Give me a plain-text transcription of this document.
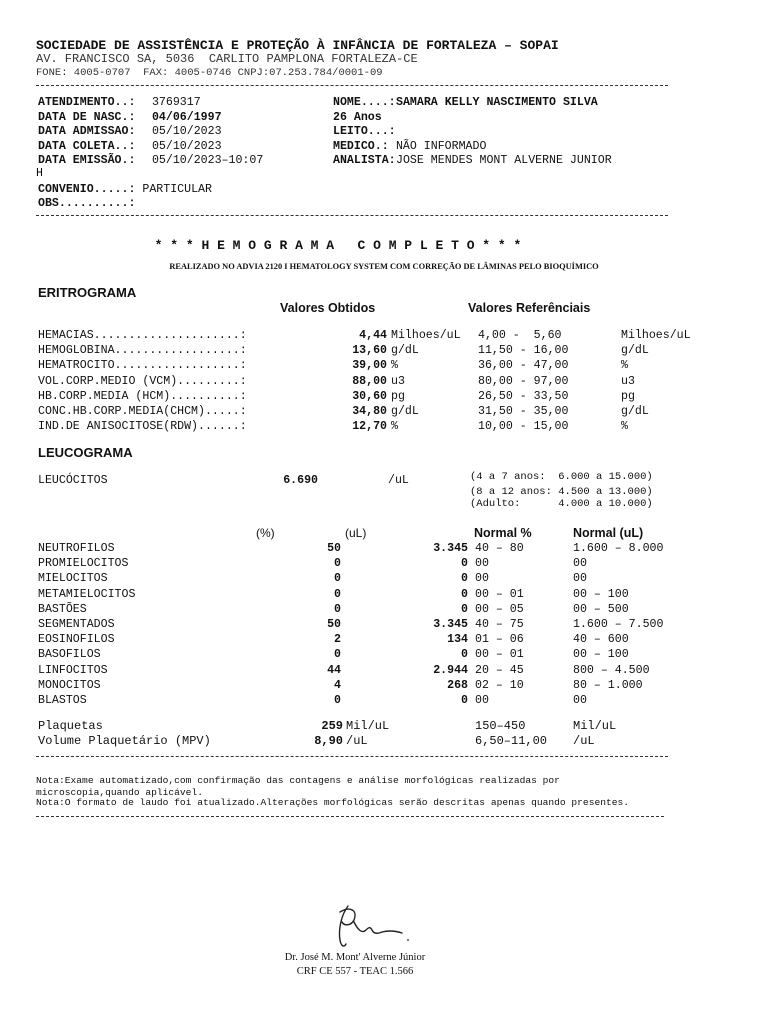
SOCIEDADE DE ASSISTÊNCIA E PROTEÇÃO À INFÂNCIA DE FORTALEZA – SOPAI
AV. FRANCISCO SA, 5036  CARLITO PAMPLONA FORTALEZA-CE
FONE: 4005-0707  FAX: 4005-0746 CNPJ:07.253.784/0001-09
ATENDIMENTO..: 3769317
DATA DE NASC.: 04/06/1997
DATA ADMISSAO: 05/10/2023
DATA COLETA..: 05/10/2023
DATA EMISSÃO.: 05/10/2023–10:07
NOME....: SAMARA KELLY NASCIMENTO SILVA
26 Anos
LEITO...:
MEDICO.: NÃO INFORMADO
ANALISTA: JOSE MENDES MONT ALVERNE JUNIOR
H
CONVENIO.....: PARTICULAR
OBS..........:
* * * H E M O G R A M A   C O M P L E T O * * *
REALIZADO NO ADVIA 2120 I HEMATOLOGY SYSTEM COM CORREÇÃO DE LÂMINAS PELO BIOQUÍMICO
ERITROGRAMA
Valores Obtidos	Valores Referênciais
HEMACIAS.....................:	4,44 Milhoes/uL 4,00 -  5,60	Milhoes/uL
HEMOGLOBINA..................:	13,60 g/dL	11,50 - 16,00	g/dL
HEMATROCITO..................:	39,00 %	36,00 - 47,00	%
VOL.CORP.MEDIO (VCM).........:	88,00 u3	80,00 - 97,00	u3
HB.CORP.MEDIA (HCM)..........:	30,60 pg	26,50 - 33,50	pg
CONC.HB.CORP.MEDIA(CHCM).....:	34,80 g/dL	31,50 - 35,00	g/dL
IND.DE ANISOCITOSE(RDW)......:	12,70 %	10,00 - 15,00	%
LEUCOGRAMA
LEUCÓCITOS	6.690	/uL	(4 a 7 anos:  6.000 a 15.000)
(8 a 12 anos: 4.500 a 13.000)
(Adulto:      4.000 a 10.000)
(%)	(uL)	Normal %	Normal (uL)
NEUTROFILOS	50	3.345 40 – 80	1.600 – 8.000
PROMIELOCITOS	0	0 00	00
MIELOCITOS	0	0 00	00
METAMIELOCITOS	0	0 00 – 01	00 – 100
BASTÕES	0	0 00 – 05	00 – 500
SEGMENTADOS	50	3.345 40 – 75	1.600 – 7.500
EOSINOFILOS	2	134 01 – 06	40 – 600
BASOFILOS	0	0 00 – 01	00 – 100
LINFOCITOS	44	2.944 20 – 45	800 – 4.500
MONOCITOS	4	268 02 – 10	80 – 1.000
BLASTOS	0	0 00	00
Plaquetas	259 Mil/uL	150–450	Mil/uL
Volume Plaquetário (MPV)	8,90 /uL	6,50–11,00 /uL
Nota:Exame automatizado,com confirmação das contagens e análise morfológicas realizadas por
microscopia,quando aplicável.
Nota:O formato de laudo foi atualizado.Alterações morfológicas serão descritas apenas quando presentes.
Dr. José M. Mont' Alverne Júnior
CRF CE 557 - TEAC 1.566
